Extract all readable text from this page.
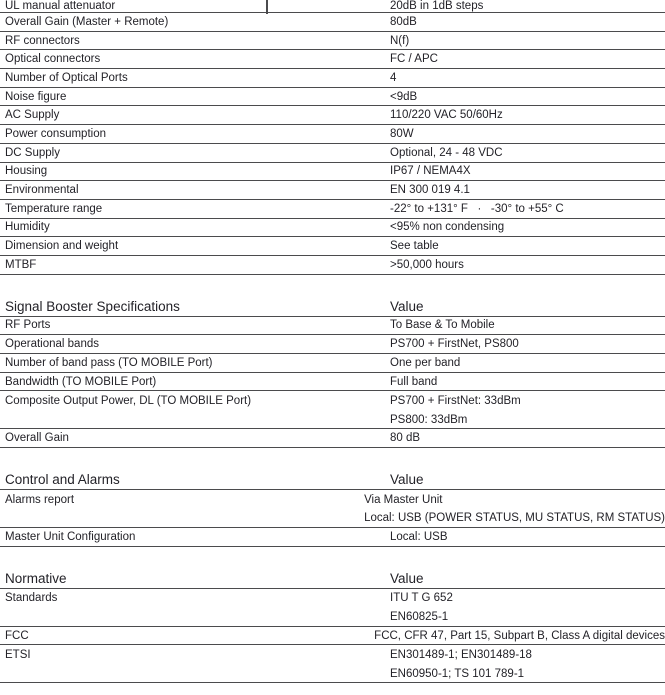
UL manual attenuator	20dB in 1dB steps
Overall Gain (Master + Remote)	80dB
RF connectors	N(f)
Optical connectors	FC / APC
Number of Optical Ports	4
Noise figure	<9dB
AC Supply	110/220 VAC 50/60Hz
Power consumption	80W
DC Supply	Optional, 24 - 48 VDC
Housing	IP67 / NEMA4X
Environmental	EN 300 019 4.1
Temperature range	-22° to +131° F   ·   -30° to +55° C
Humidity	<95% non condensing
Dimension and weight	See table
MTBF	>50,000 hours
Signal Booster Specifications	Value
RF Ports	To Base & To Mobile
Operational bands	PS700 + FirstNet, PS800
Number of band pass (TO MOBILE Port)	One per band
Bandwidth (TO MOBILE Port)	Full band
Composite Output Power, DL (TO MOBILE Port)	PS700 + FirstNet: 33dBm
PS800: 33dBm
Overall Gain	80 dB
Control and Alarms	Value
Alarms report	Via Master Unit
Local: USB (POWER STATUS, MU STATUS, RM STATUS)
Master Unit Configuration	Local: USB
Normative	Value
Standards	ITU T G 652
EN60825-1
FCC	FCC, CFR 47, Part 15, Subpart B, Class A digital devices
ETSI	EN301489-1; EN301489-18
EN60950-1; TS 101 789-1
